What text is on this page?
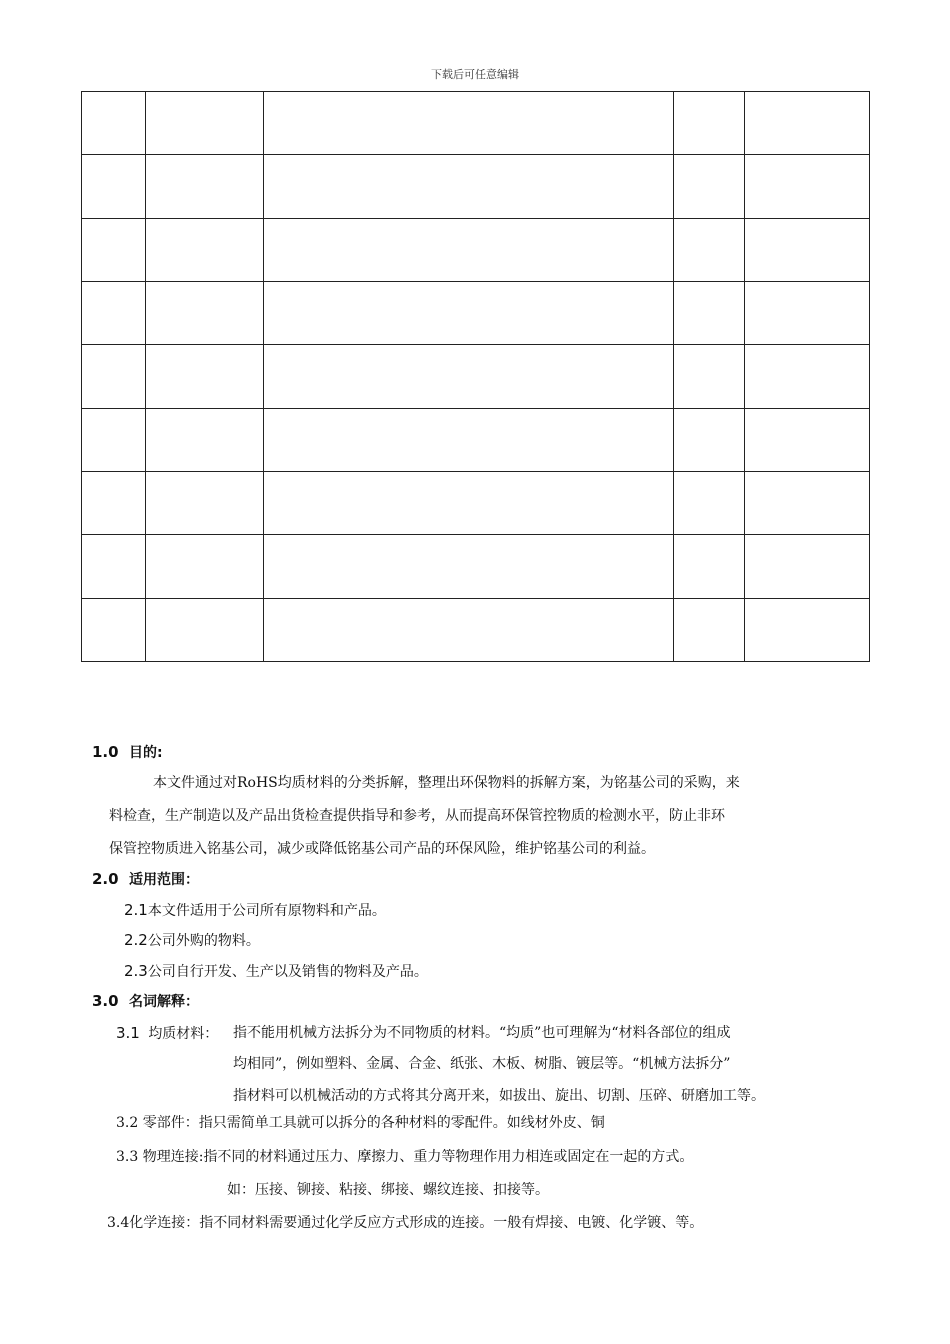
下载后可任意编辑

1.0 目的:
本文件通过对RoHS均质材料的分类拆解，整理出环保物料的拆解方案，为铭基公司的采购，来
料检查，生产制造以及产品出货检查提供指导和参考，从而提高环保管控物质的检测水平，防止非环
保管控物质进入铭基公司，减少或降低铭基公司产品的环保风险，维护铭基公司的利益。
2.0 适用范围：
2.1本文件适用于公司所有原物料和产品。
2.2公司外购的物料。
2.3公司自行开发、生产以及销售的物料及产品。
3.0 名词解释：
3.1 均质材料： 指不能用机械方法拆分为不同物质的材料。“均质”也可理解为“材料各部位的组成
均相同”，例如塑料、金属、合金、纸张、木板、树脂、镀层等。“机械方法拆分”
指材料可以机械活动的方式将其分离开来，如拔出、旋出、切割、压碎、研磨加工等。
3.2 零部件：指只需简单工具就可以拆分的各种材料的零配件。如线材外皮、铜
3.3 物理连接:指不同的材料通过压力、摩擦力、重力等物理作用力相连或固定在一起的方式。
如：压接、铆接、粘接、绑接、螺纹连接、扣接等。
3.4化学连接：指不同材料需要通过化学反应方式形成的连接。一般有焊接、电镀、化学镀、等。
